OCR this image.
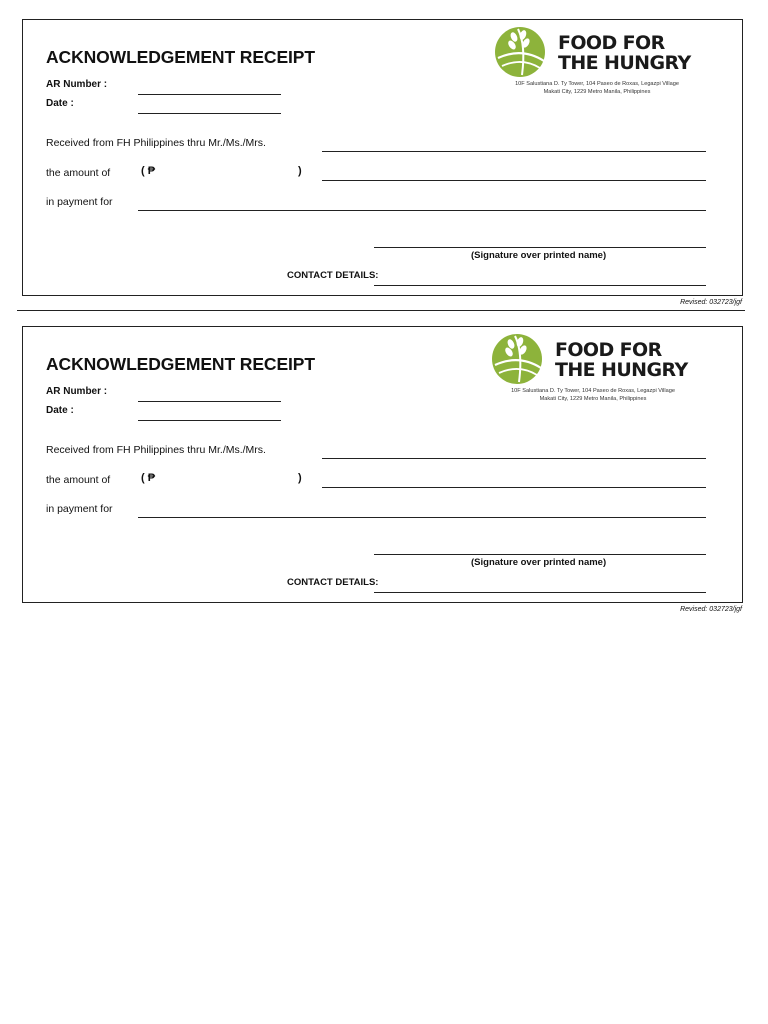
ACKNOWLEDGEMENT RECEIPT
AR Number :
Date :
Received from FH Philippines thru Mr./Ms./Mrs.
the amount of	( ₱	)
in payment for
(Signature over printed name)
CONTACT DETAILS:
FOOD FOR
THE HUNGRY
10F Salustiana D. Ty Tower, 104 Paseo de Roxas, Legazpi Village
Makati City, 1229 Metro Manila, Philippines
Revised: 032723/jgf
ACKNOWLEDGEMENT RECEIPT
AR Number :
Date :
Received from FH Philippines thru Mr./Ms./Mrs.
the amount of	( ₱	)
in payment for
(Signature over printed name)
CONTACT DETAILS:
FOOD FOR
THE HUNGRY
10F Salustiana D. Ty Tower, 104 Paseo de Roxas, Legazpi Village
Makati City, 1229 Metro Manila, Philippines
Revised: 032723/jgf
